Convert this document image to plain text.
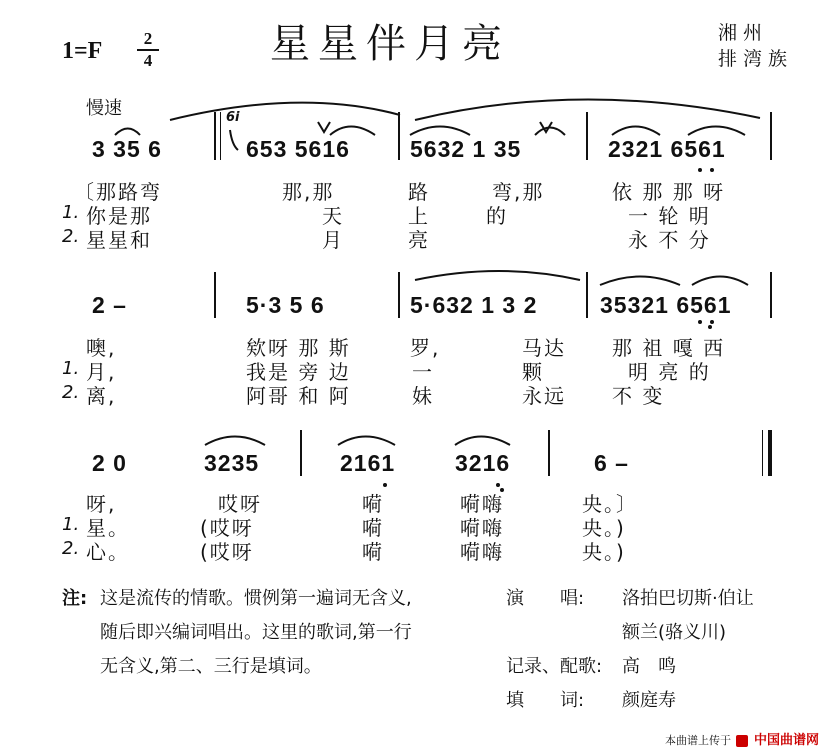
星星伴月亮
1=F	2
4
湘州
排湾族
慢速	6i
3 35 6	653 5616	5632 1 35	2321 6561
〔那路弯	那,那	路	弯,那	依 那 那 呀
1. 你是那	天	上	的	一 轮 明
2. 星星和	月	亮	永 不 分
2 –	5·3 5 6	5·632 1 3 2	35321 6561
噢,	欸呀 那 斯	罗,	马达 那 祖 嘎 西
1. 月,	我是 旁 边	一	颗	明 亮 的
2. 离,	阿哥 和 阿	妹	永远 不 变
2 0	3235	2161	3216	6 –
呀,	哎呀	嗬	嗬嗨	央。〕
1. 星。	(哎呀	嗬	嗬嗨	央。)
2. 心。	(哎呀	嗬	嗬嗨	央。)
注: 这是流传的情歌。惯例第一遍词无含义,
随后即兴编词唱出。这里的歌词,第一行
无含义,第二、三行是填词。
演　　唱: 洛拍巴切斯·伯让
额兰(骆义川)
记录、配歌: 高　鸣
填　　词: 颜庭寿
本曲谱上传于 中国曲谱网
